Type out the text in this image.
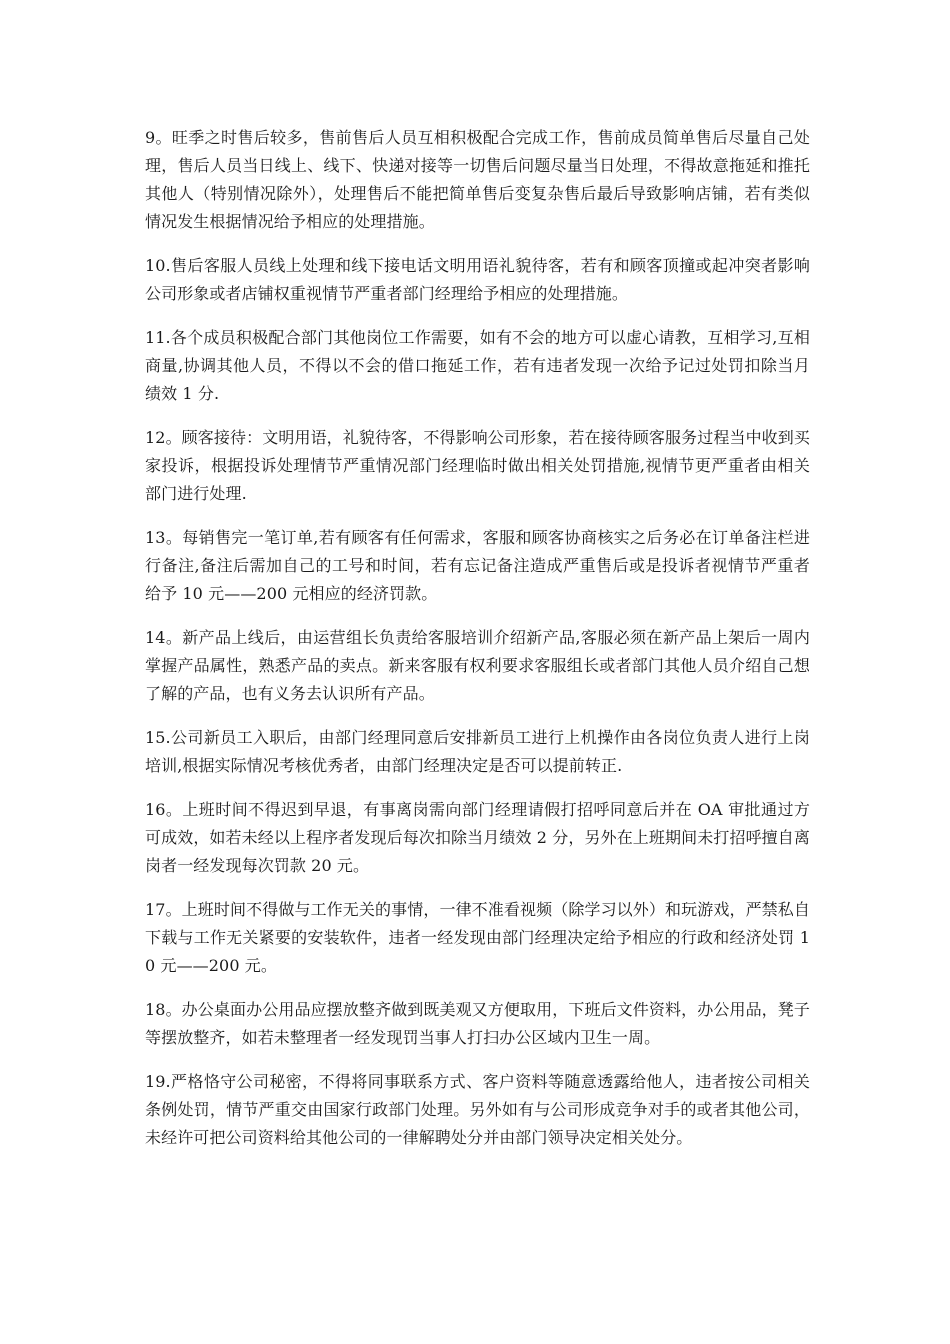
9。旺季之时售后较多，售前售后人员互相积极配合完成工作，售前成员简单售后尽量自己处理，售后人员当日线上、线下、快递对接等一切售后问题尽量当日处理，不得故意拖延和推托其他人（特别情况除外），处理售后不能把简单售后变复杂售后最后导致影响店铺，若有类似情况发生根据情况给予相应的处理措施。

10.售后客服人员线上处理和线下接电话文明用语礼貌待客，若有和顾客顶撞或起冲突者影响公司形象或者店铺权重视情节严重者部门经理给予相应的处理措施。

11.各个成员积极配合部门其他岗位工作需要，如有不会的地方可以虚心请教，互相学习,互相商量,协调其他人员，不得以不会的借口拖延工作，若有违者发现一次给予记过处罚扣除当月绩效 1 分.

12。顾客接待：文明用语，礼貌待客，不得影响公司形象，若在接待顾客服务过程当中收到买家投诉，根据投诉处理情节严重情况部门经理临时做出相关处罚措施,视情节更严重者由相关部门进行处理.

13。每销售完一笔订单,若有顾客有任何需求，客服和顾客协商核实之后务必在订单备注栏进行备注,备注后需加自己的工号和时间，若有忘记备注造成严重售后或是投诉者视情节严重者给予 10 元——200 元相应的经济罚款。

14。新产品上线后，由运营组长负责给客服培训介绍新产品,客服必须在新产品上架后一周内掌握产品属性，熟悉产品的卖点。新来客服有权利要求客服组长或者部门其他人员介绍自己想了解的产品，也有义务去认识所有产品。

15.公司新员工入职后，由部门经理同意后安排新员工进行上机操作由各岗位负责人进行上岗培训,根据实际情况考核优秀者，由部门经理决定是否可以提前转正.

16。上班时间不得迟到早退，有事离岗需向部门经理请假打招呼同意后并在 OA 审批通过方可成效，如若未经以上程序者发现后每次扣除当月绩效 2 分，另外在上班期间未打招呼擅自离岗者一经发现每次罚款 20 元。

17。上班时间不得做与工作无关的事情，一律不准看视频（除学习以外）和玩游戏，严禁私自下载与工作无关紧要的安装软件，违者一经发现由部门经理决定给予相应的行政和经济处罚 10 元——200 元。

18。办公桌面办公用品应摆放整齐做到既美观又方便取用，下班后文件资料，办公用品，凳子等摆放整齐，如若未整理者一经发现罚当事人打扫办公区域内卫生一周。

19.严格恪守公司秘密，不得将同事联系方式、客户资料等随意透露给他人，违者按公司相关条例处罚，情节严重交由国家行政部门处理。另外如有与公司形成竞争对手的或者其他公司，未经许可把公司资料给其他公司的一律解聘处分并由部门领导决定相关处分。
